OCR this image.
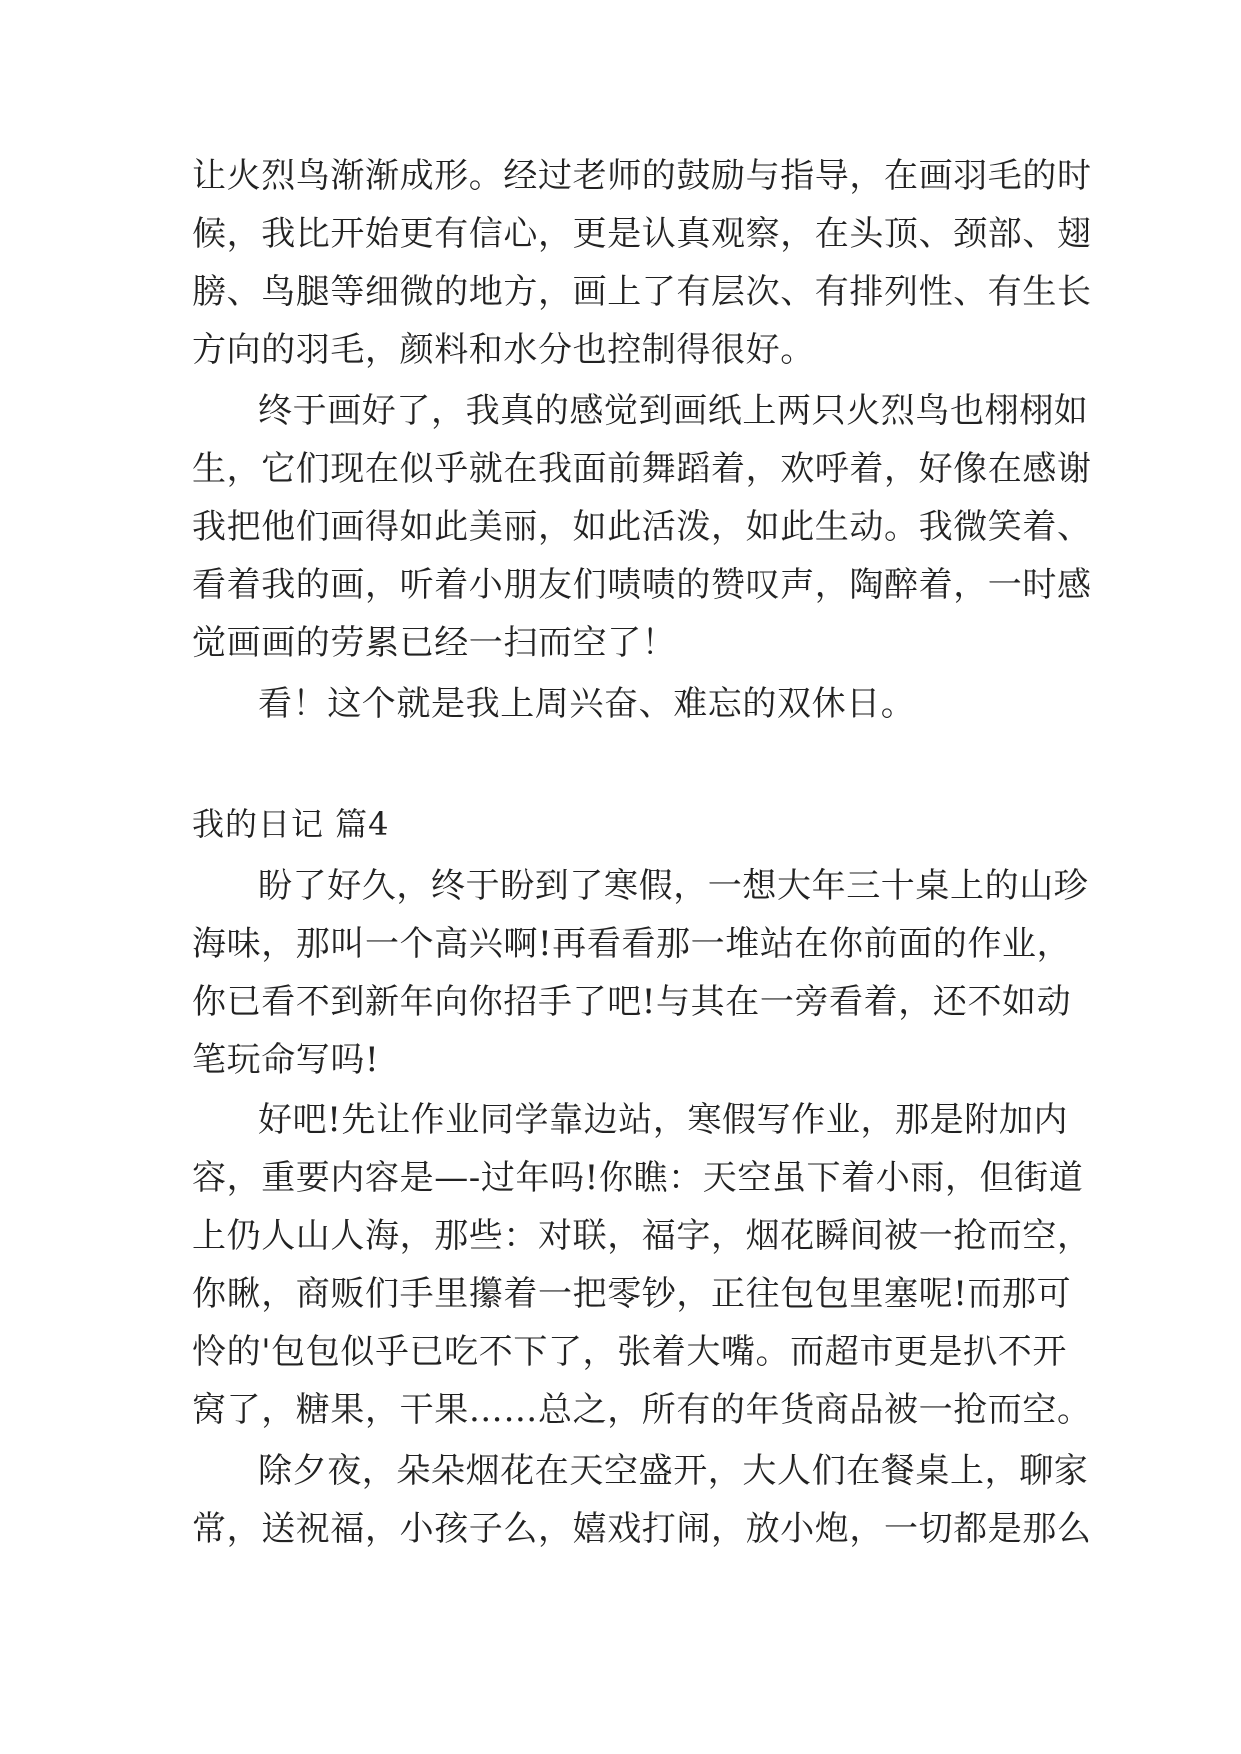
让火烈鸟渐渐成形。经过老师的鼓励与指导，在画羽毛的时
候，我比开始更有信心，更是认真观察，在头顶、颈部、翅
膀、鸟腿等细微的地方，画上了有层次、有排列性、有生长
方向的羽毛，颜料和水分也控制得很好。
终于画好了，我真的感觉到画纸上两只火烈鸟也栩栩如
生，它们现在似乎就在我面前舞蹈着，欢呼着，好像在感谢
我把他们画得如此美丽，如此活泼，如此生动。我微笑着、
看着我的画，听着小朋友们啧啧的赞叹声，陶醉着，一时感
觉画画的劳累已经一扫而空了！
看！这个就是我上周兴奋、难忘的双休日。
我的日记 篇4
盼了好久，终于盼到了寒假，一想大年三十桌上的山珍
海味，那叫一个高兴啊!再看看那一堆站在你前面的作业，
你已看不到新年向你招手了吧!与其在一旁看着，还不如动
笔玩命写吗!
好吧!先让作业同学靠边站，寒假写作业，那是附加内
容，重要内容是—-过年吗!你瞧：天空虽下着小雨，但街道
上仍人山人海，那些：对联，福字，烟花瞬间被一抢而空，
你瞅，商贩们手里攥着一把零钞，正往包包里塞呢!而那可
怜的'包包似乎已吃不下了，张着大嘴。而超市更是扒不开
窝了，糖果，干果……总之，所有的年货商品被一抢而空。
除夕夜，朵朵烟花在天空盛开，大人们在餐桌上，聊家
常，送祝福，小孩子么，嬉戏打闹，放小炮，一切都是那么
